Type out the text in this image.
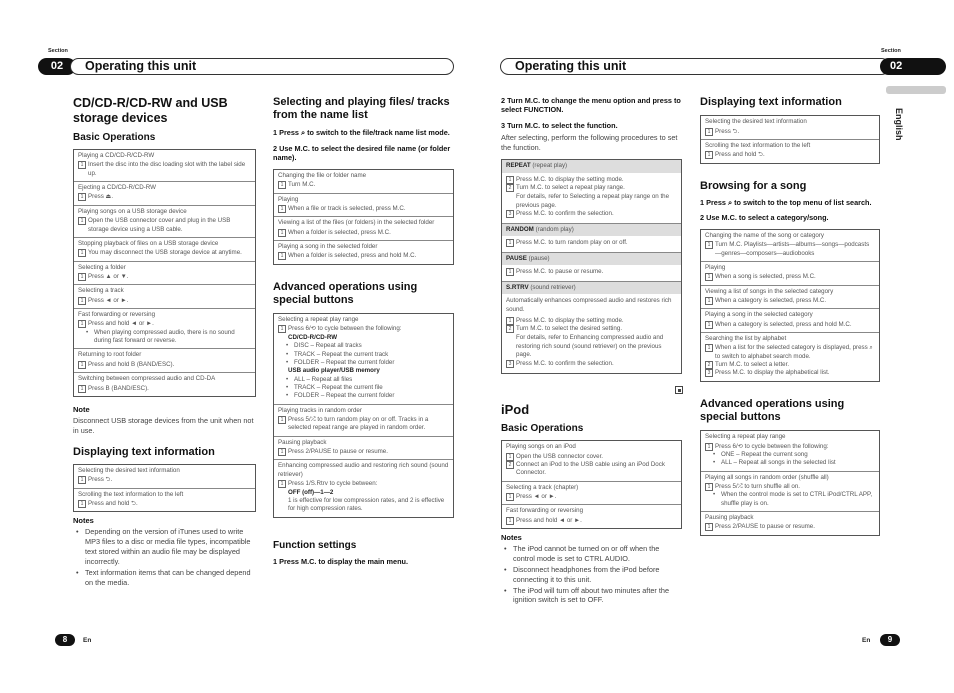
Section
02	Operating this unit
Section
Operating this unit	02
English
CD/CD-R/CD-RW and USB storage devices
Basic Operations
Playing a CD/CD-R/CD-RW
1 Insert the disc into the disc loading slot with the label side up.
Ejecting a CD/CD-R/CD-RW
1 Press ⏏.
Playing songs on a USB storage device
1 Open the USB connector cover and plug in the USB storage device using a USB cable.
Stopping playback of files on a USB storage device
1 You may disconnect the USB storage device at anytime.
Selecting a folder
1 Press ▲ or ▼.
Selecting a track
1 Press ◄ or ►.
Fast forwarding or reversing
1 Press and hold ◄ or ►.
• When playing compressed audio, there is no sound during fast forward or reverse.
Returning to root folder
1 Press and hold B (BAND/ESC).
Switching between compressed audio and CD-DA
1 Press B (BAND/ESC).
Note
Disconnect USB storage devices from the unit when not in use.
Displaying text information
Selecting the desired text information
1 Press ⮌.
Scrolling the text information to the left
1 Press and hold ⮌.
Notes
• Depending on the version of iTunes used to write MP3 files to a disc or media file types, incompatible text stored within an audio file may be displayed incorrectly.
• Text information items that can be changed depend on the media.
Selecting and playing files/ tracks from the name list
1 Press ⌕ to switch to the file/track name list mode.
2 Use M.C. to select the desired file name (or folder name).
Changing the file or folder name
1 Turn M.C.
Playing
1 When a file or track is selected, press M.C.
Viewing a list of the files (or folders) in the selected folder
1 When a folder is selected, press M.C.
Playing a song in the selected folder
1 When a folder is selected, press and hold M.C.
Advanced operations using special buttons
Selecting a repeat play range
1 Press 6/⟲ to cycle between the following:
CD/CD-R/CD-RW
• DISC – Repeat all tracks
• TRACK – Repeat the current track
• FOLDER – Repeat the current folder
USB audio player/USB memory
• ALL – Repeat all files
• TRACK – Repeat the current file
• FOLDER – Repeat the current folder
Playing tracks in random order
1 Press 5/⤮ to turn random play on or off. Tracks in a selected repeat range are played in random order.
Pausing playback
1 Press 2/PAUSE to pause or resume.
Enhancing compressed audio and restoring rich sound (sound retriever)
1 Press 1/S.Rtrv to cycle between:
OFF (off)—1—2
1 is effective for low compression rates, and 2 is effective for high compression rates.
Function settings
1 Press M.C. to display the main menu.
2 Turn M.C. to change the menu option and press to select FUNCTION.
3 Turn M.C. to select the function.
After selecting, perform the following procedures to set the function.
REPEAT (repeat play)
1 Press M.C. to display the setting mode.
2 Turn M.C. to select a repeat play range.
For details, refer to Selecting a repeat play range on the previous page.
3 Press M.C. to confirm the selection.
RANDOM (random play)
1 Press M.C. to turn random play on or off.
PAUSE (pause)
1 Press M.C. to pause or resume.
S.RTRV (sound retriever)
Automatically enhances compressed audio and restores rich sound.
1 Press M.C. to display the setting mode.
2 Turn M.C. to select the desired setting.
For details, refer to Enhancing compressed audio and restoring rich sound (sound retriever) on the previous page.
3 Press M.C. to confirm the selection.
iPod
Basic Operations
Playing songs on an iPod
1 Open the USB connector cover.
2 Connect an iPod to the USB cable using an iPod Dock Connector.
Selecting a track (chapter)
1 Press ◄ or ►.
Fast forwarding or reversing
1 Press and hold ◄ or ►.
Notes
• The iPod cannot be turned on or off when the control mode is set to CTRL AUDIO.
• Disconnect headphones from the iPod before connecting it to this unit.
• The iPod will turn off about two minutes after the ignition switch is set to OFF.
Displaying text information
Selecting the desired text information
1 Press ⮌.
Scrolling the text information to the left
1 Press and hold ⮌.
Browsing for a song
1 Press ⌕ to switch to the top menu of list search.
2 Use M.C. to select a category/song.
Changing the name of the song or category
1 Turn M.C. Playlists—artists—albums—songs—podcasts—genres—composers—audiobooks
Playing
1 When a song is selected, press M.C.
Viewing a list of songs in the selected category
1 When a category is selected, press M.C.
Playing a song in the selected category
1 When a category is selected, press and hold M.C.
Searching the list by alphabet
1 When a list for the selected category is displayed, press ⌕ to switch to alphabet search mode.
2 Turn M.C. to select a letter.
3 Press M.C. to display the alphabetical list.
Advanced operations using special buttons
Selecting a repeat play range
1 Press 6/⟲ to cycle between the following:
• ONE – Repeat the current song
• ALL – Repeat all songs in the selected list
Playing all songs in random order (shuffle all)
1 Press 5/⤮ to turn shuffle all on.
• When the control mode is set to CTRL iPod/CTRL APP, shuffle play is on.
Pausing playback
1 Press 2/PAUSE to pause or resume.
8	En	En	9
